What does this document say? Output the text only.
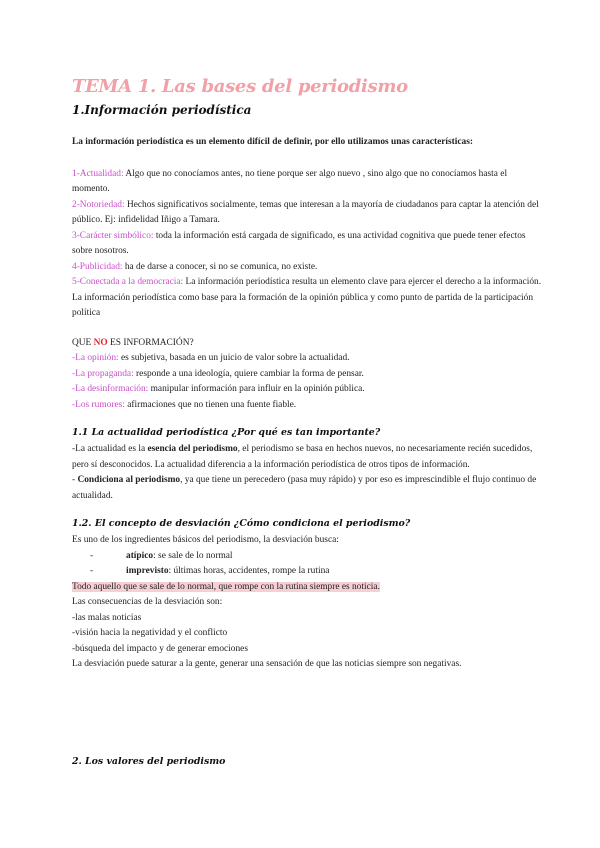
TEMA 1. Las bases del periodismo
1.Información periodística

La información periodística es un elemento difícil de definir, por ello utilizamos unas características:

1-Actualidad: Algo que no conocíamos antes, no tiene porque ser algo nuevo , sino algo que no conocíamos hasta el momento.

2-Notoriedad: Hechos significativos socialmente, temas que interesan a la mayoría de ciudadanos para captar la atención del público. Ej: infidelidad Iñigo a Tamara.

3-Carácter simbólico: toda la información está cargada de significado, es una actividad cognitiva que puede tener efectos sobre nosotros.

4-Publicidad: ha de darse a conocer, si no se comunica, no existe.

5-Conectada a la democracia: La información periodística resulta un elemento clave para ejercer el derecho a la información. La información periodística como base para la formación de la opinión pública y como punto de partida de la participación política

QUE NO ES INFORMACIÓN?

-La opinión: es subjetiva, basada en un juicio de valor sobre la actualidad.

-La propaganda: responde a una ideología, quiere cambiar la forma de pensar.

-La desinformación: manipular información para influir en la opinión pública.

-Los rumores: afirmaciones que no tienen una fuente fiable.

1.1 La actualidad periodística ¿Por qué es tan importante?

-La actualidad es la esencia del periodismo, el periodismo se basa en hechos nuevos, no necesariamente recién sucedidos, pero sí desconocidos. La actualidad diferencia a la información periodística de otros tipos de información.

- Condiciona al periodismo, ya que tiene un perecedero (pasa muy rápido) y por eso es imprescindible el flujo continuo de actualidad.

1.2. El concepto de desviación ¿Cómo condiciona el periodismo?

Es uno de los ingredientes básicos del periodismo, la desviación busca:

-	atípico: se sale de lo normal
-	imprevisto: últimas horas, accidentes, rompe la rutina

Todo aquello que se sale de lo normal, que rompe con la rutina siempre es noticia.

Las consecuencias de la desviación son:

-las malas noticias

-visión hacia la negatividad y el conflicto

-búsqueda del impacto y de generar emociones

La desviación puede saturar a la gente, generar una sensación de que las noticias siempre son negativas.

2. Los valores del periodismo
